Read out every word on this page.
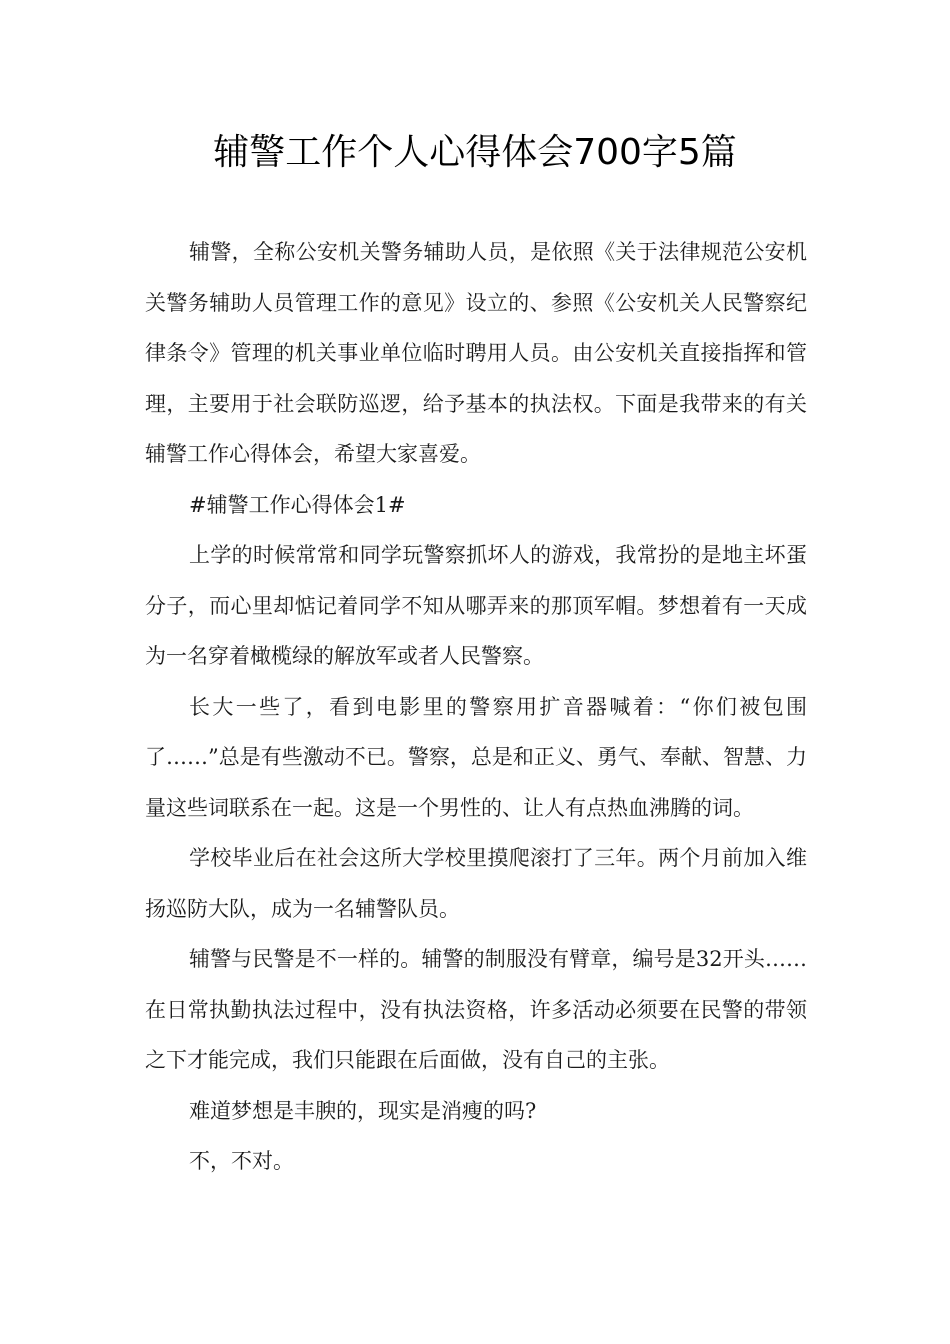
辅警工作个人心得体会700字5篇

辅警，全称公安机关警务辅助人员，是依照《关于法律规范公安机关警务辅助人员管理工作的意见》设立的、参照《公安机关人民警察纪律条令》管理的机关事业单位临时聘用人员。由公安机关直接指挥和管理，主要用于社会联防巡逻，给予基本的执法权。下面是我带来的有关辅警工作心得体会，希望大家喜爱。

#辅警工作心得体会1#

上学的时候常常和同学玩警察抓坏人的游戏，我常扮的是地主坏蛋分子，而心里却惦记着同学不知从哪弄来的那顶军帽。梦想着有一天成为一名穿着橄榄绿的解放军或者人民警察。

长大一些了，看到电影里的警察用扩音器喊着：“你们被包围了……”总是有些激动不已。警察，总是和正义、勇气、奉献、智慧、力量这些词联系在一起。这是一个男性的、让人有点热血沸腾的词。

学校毕业后在社会这所大学校里摸爬滚打了三年。两个月前加入维扬巡防大队，成为一名辅警队员。

辅警与民警是不一样的。辅警的制服没有臂章，编号是32开头……在日常执勤执法过程中，没有执法资格，许多活动必须要在民警的带领之下才能完成，我们只能跟在后面做，没有自己的主张。

难道梦想是丰腴的，现实是消瘦的吗?

不，不对。
